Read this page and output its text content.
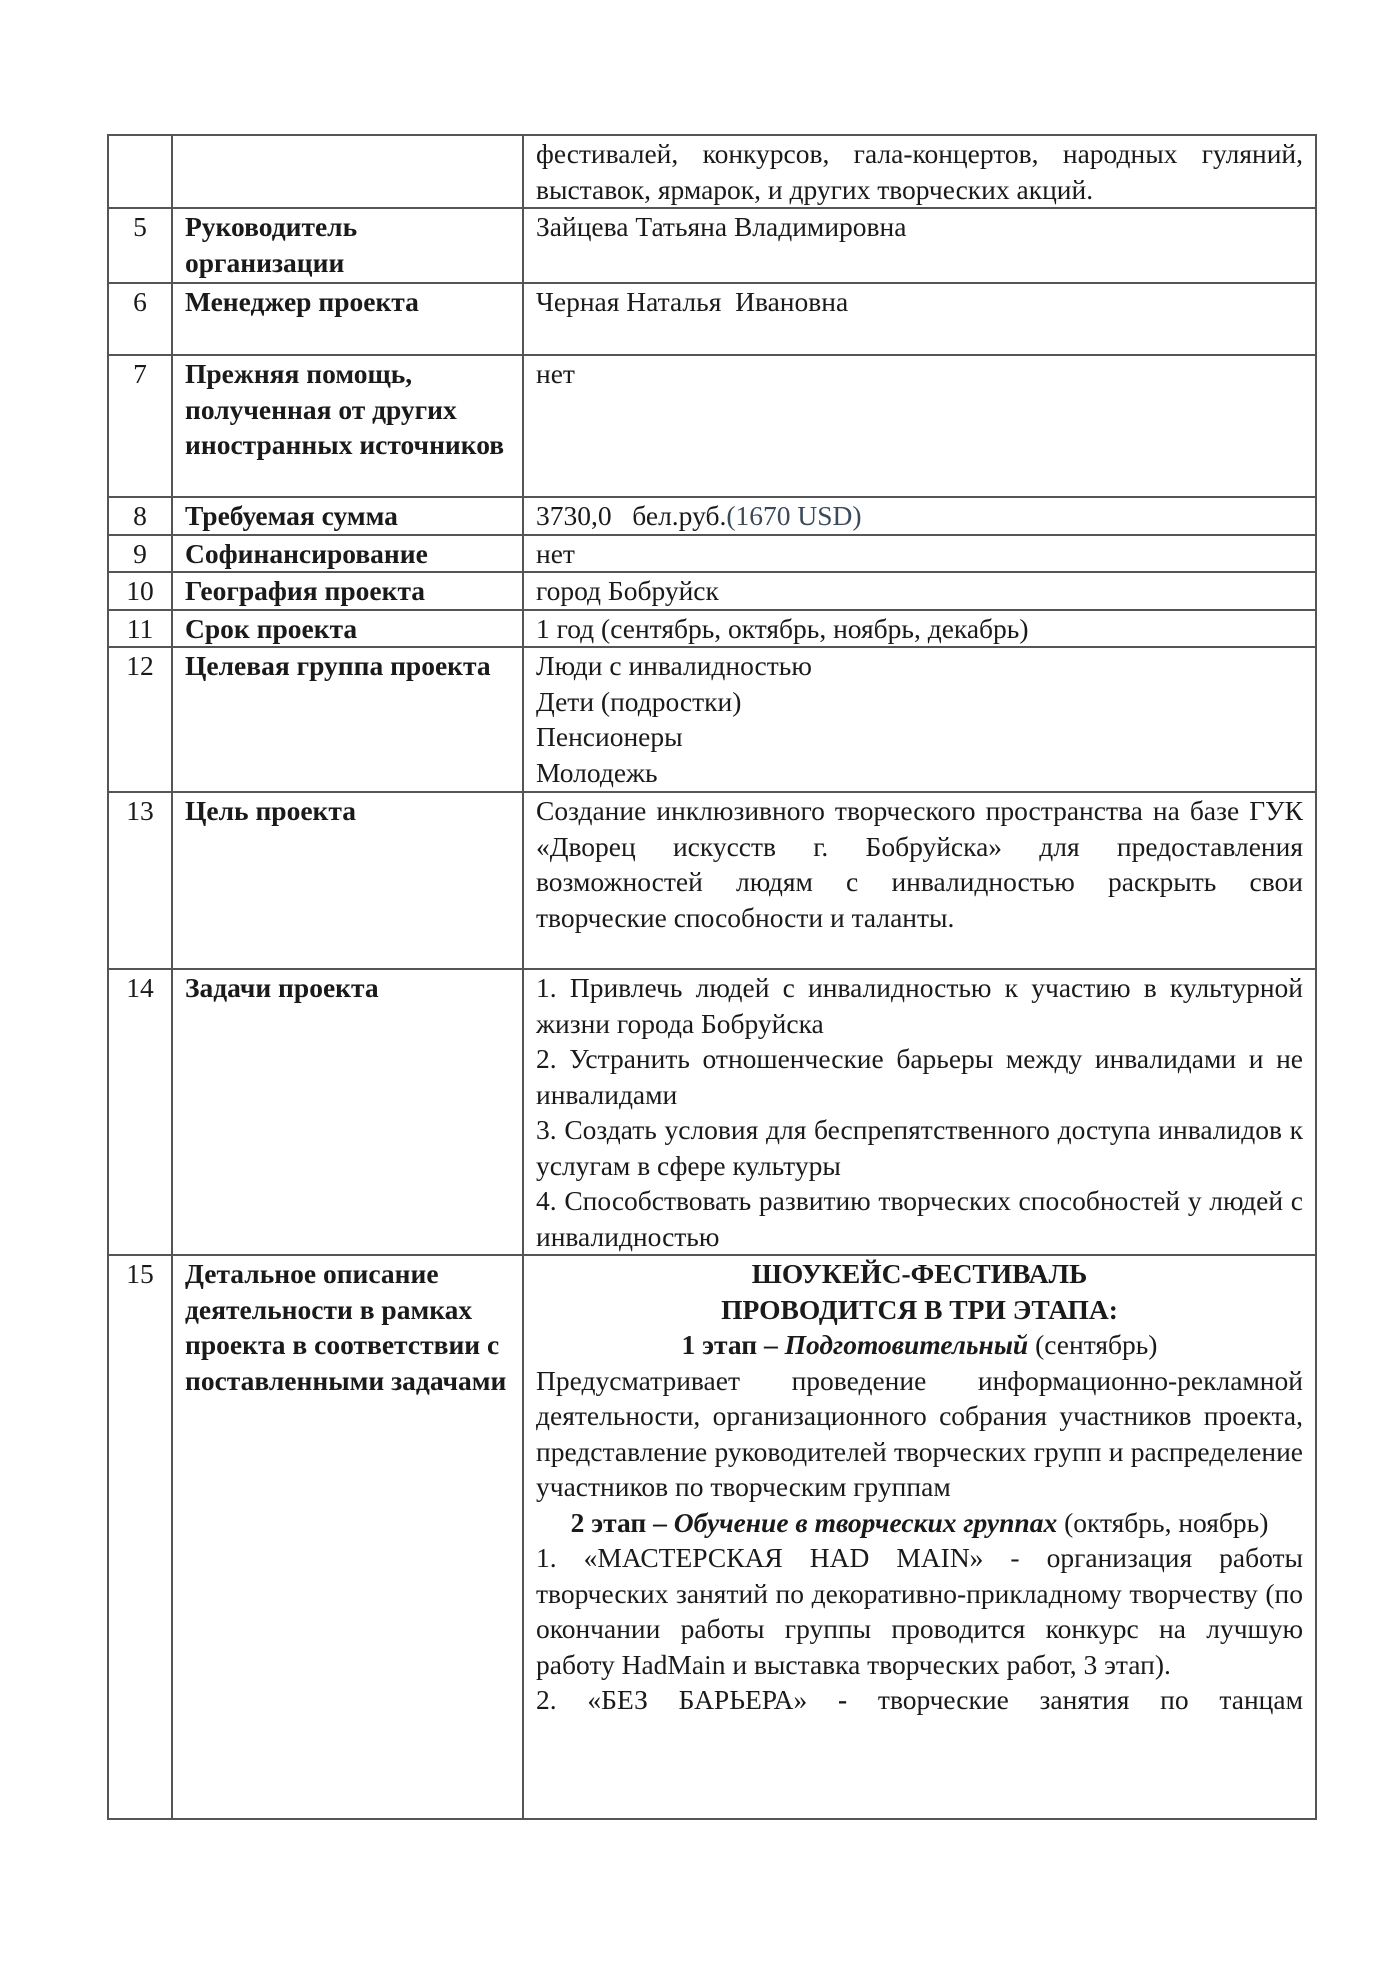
		фестивалей, конкурсов, гала-концертов, народных гуляний, выставок, ярмарок, и других творческих акций.
5	Руководитель организации	Зайцева Татьяна Владимировна
6	Менеджер проекта	Черная Наталья  Ивановна
7	Прежняя помощь, полученная от других иностранных источников	нет
8	Требуемая сумма	3730,0   бел.руб.(1670 USD)
9	Софинансирование	нет
10	География проекта	город Бобруйск
11	Срок проекта	1 год (сентябрь, октябрь, ноябрь, декабрь)
12	Целевая группа проекта	Люди с инвалидностью
Дети (подростки)
Пенсионеры
Молодежь

13	Цель проекта	Создание инклюзивного творческого пространства на базе ГУК «Дворец искусств г. Бобруйска» для предоставления возможностей людям с инвалидностью раскрыть свои творческие способности и таланты.
14	Задачи проекта	1. Привлечь людей с инвалидностью к участию в культурной жизни города Бобруйска
2. Устранить отношенческие барьеры между инвалидами и не инвалидами
3. Создать условия для беспрепятственного доступа инвалидов к услугам в сфере культуры
4. Способствовать развитию творческих способностей у людей с инвалидностью

15	Детальное описание деятельности в рамках проекта в соответствии с поставленными задачами	
ШОУКЕЙС-ФЕСТИВАЛЬ
ПРОВОДИТСЯ В ТРИ ЭТАПА:
1 этап – Подготовительный (сентябрь)
Предусматривает проведение информационно-рекламной деятельности, организационного собрания участников проекта, представление руководителей творческих групп и распределение участников по творческим группам
2 этап – Обучение в творческих группах (октябрь, ноябрь)
1. «МАСТЕРСКАЯ HAD MAIN» - организация работы творческих занятий по декоративно-прикладному творчеству (по окончании работы группы проводится конкурс на лучшую работу HadMain и выставка творческих работ, 3 этап).
2. «БЕЗ БАРЬЕРА» - творческие занятия по танцам
